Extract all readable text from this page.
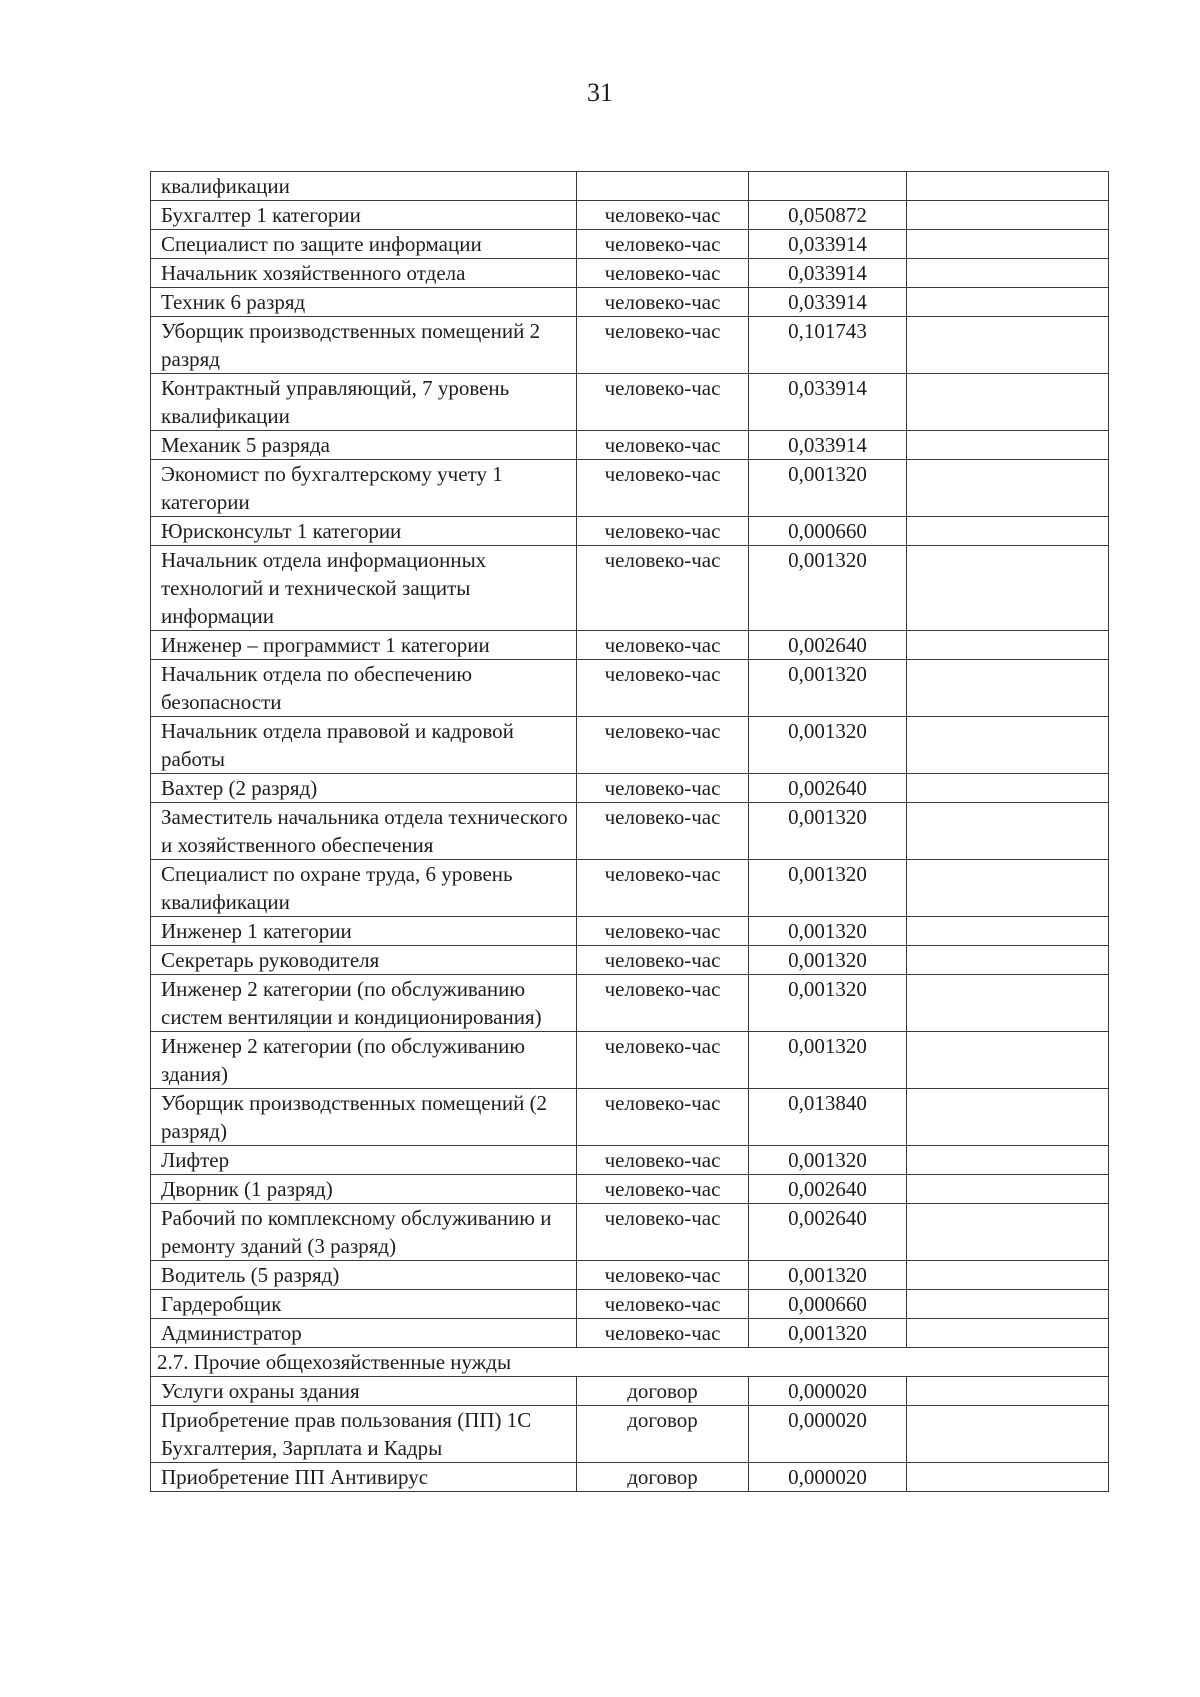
31
квалификации			
Бухгалтер 1 категории	человеко-час	0,050872	
Специалист по защите информации	человеко-час	0,033914	
Начальник хозяйственного отдела	человеко-час	0,033914	
Техник 6 разряд	человеко-час	0,033914	
Уборщик производственных помещений 2 разряд	человеко-час	0,101743	
Контрактный управляющий, 7 уровень квалификации	человеко-час	0,033914	
Механик 5 разряда	человеко-час	0,033914	
Экономист по бухгалтерскому учету 1 категории	человеко-час	0,001320	
Юрисконсульт 1 категории	человеко-час	0,000660	
Начальник отдела информационных технологий и технической защиты информации	человеко-час	0,001320	
Инженер – программист 1 категории	человеко-час	0,002640	
Начальник отдела по обеспечению безопасности	человеко-час	0,001320	
Начальник отдела правовой и кадровой работы	человеко-час	0,001320	
Вахтер (2 разряд)	человеко-час	0,002640	
Заместитель начальника отдела технического и хозяйственного обеспечения	человеко-час	0,001320	
Специалист по охране труда, 6 уровень квалификации	человеко-час	0,001320	
Инженер 1 категории	человеко-час	0,001320	
Секретарь руководителя	человеко-час	0,001320	
Инженер 2 категории (по обслуживанию систем вентиляции и кондиционирования)	человеко-час	0,001320	
Инженер 2 категории (по обслуживанию здания)	человеко-час	0,001320	
Уборщик производственных помещений (2 разряд)	человеко-час	0,013840	
Лифтер	человеко-час	0,001320	
Дворник (1 разряд)	человеко-час	0,002640	
Рабочий по комплексному обслуживанию и ремонту зданий (3 разряд)	человеко-час	0,002640	
Водитель (5 разряд)	человеко-час	0,001320	
Гардеробщик	человеко-час	0,000660	
Администратор	человеко-час	0,001320	
2.7. Прочие общехозяйственные нужды			
Услуги охраны здания	договор	0,000020	
Приобретение прав пользования (ПП) 1С Бухгалтерия, Зарплата и Кадры	договор	0,000020	
Приобретение ПП Антивирус	договор	0,000020	
